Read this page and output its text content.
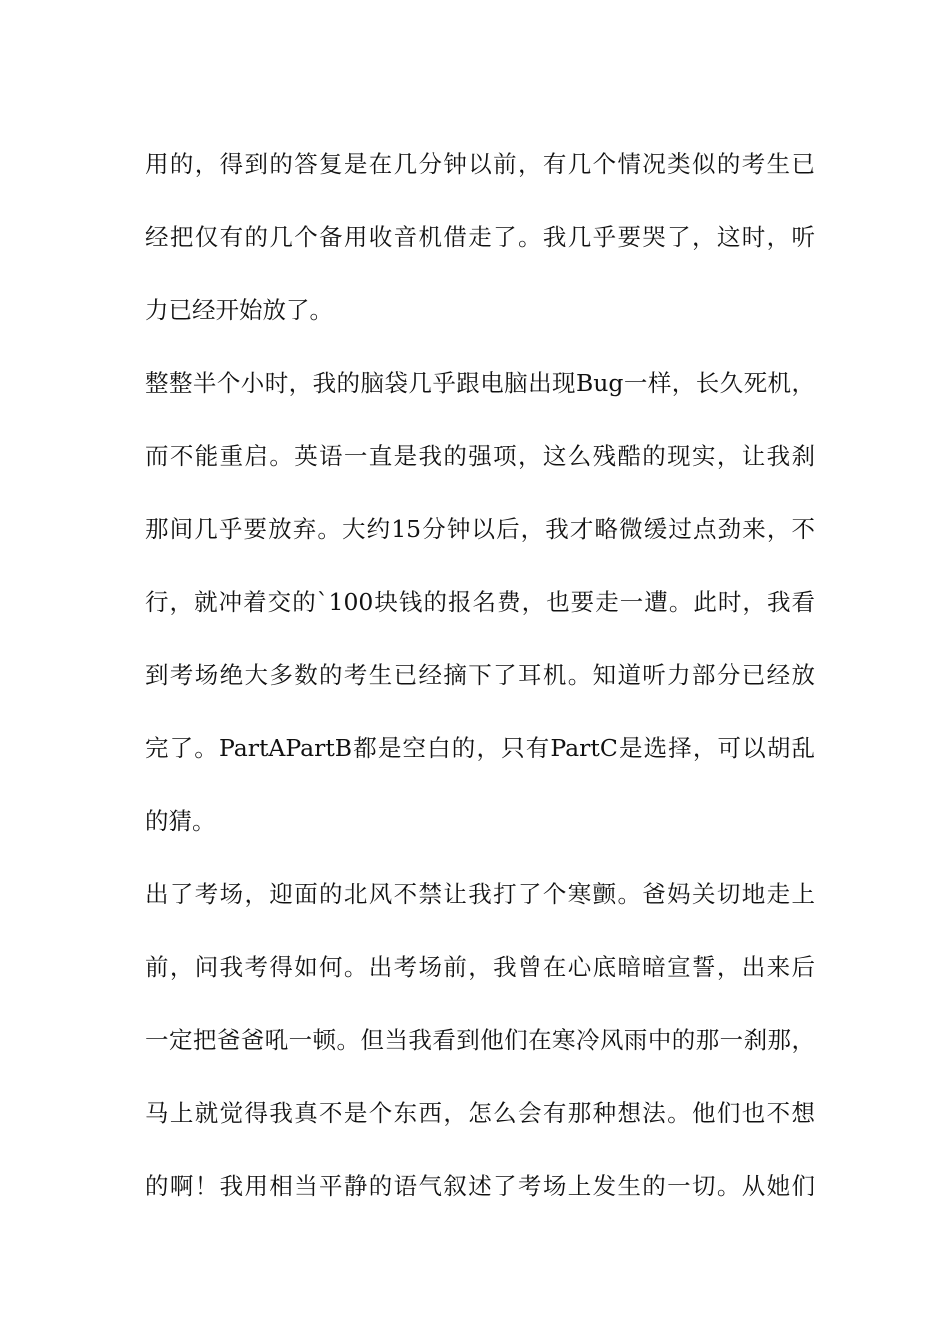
用的，得到的答复是在几分钟以前，有几个情况类似的考生已
经把仅有的几个备用收音机借走了。我几乎要哭了，这时，听
力已经开始放了。
整整半个小时，我的脑袋几乎跟电脑出现Bug一样，长久死机，
而不能重启。英语一直是我的强项，这么残酷的现实，让我刹
那间几乎要放弃。大约15分钟以后，我才略微缓过点劲来，不
行，就冲着交的`100块钱的报名费，也要走一遭。此时，我看
到考场绝大多数的考生已经摘下了耳机。知道听力部分已经放
完了。PartAPartB都是空白的，只有PartC是选择，可以胡乱
的猜。
出了考场，迎面的北风不禁让我打了个寒颤。爸妈关切地走上
前，问我考得如何。出考场前，我曾在心底暗暗宣誓，出来后
一定把爸爸吼一顿。但当我看到他们在寒冷风雨中的那一刹那，
马上就觉得我真不是个东西，怎么会有那种想法。他们也不想
的啊！我用相当平静的语气叙述了考场上发生的一切。从她们
